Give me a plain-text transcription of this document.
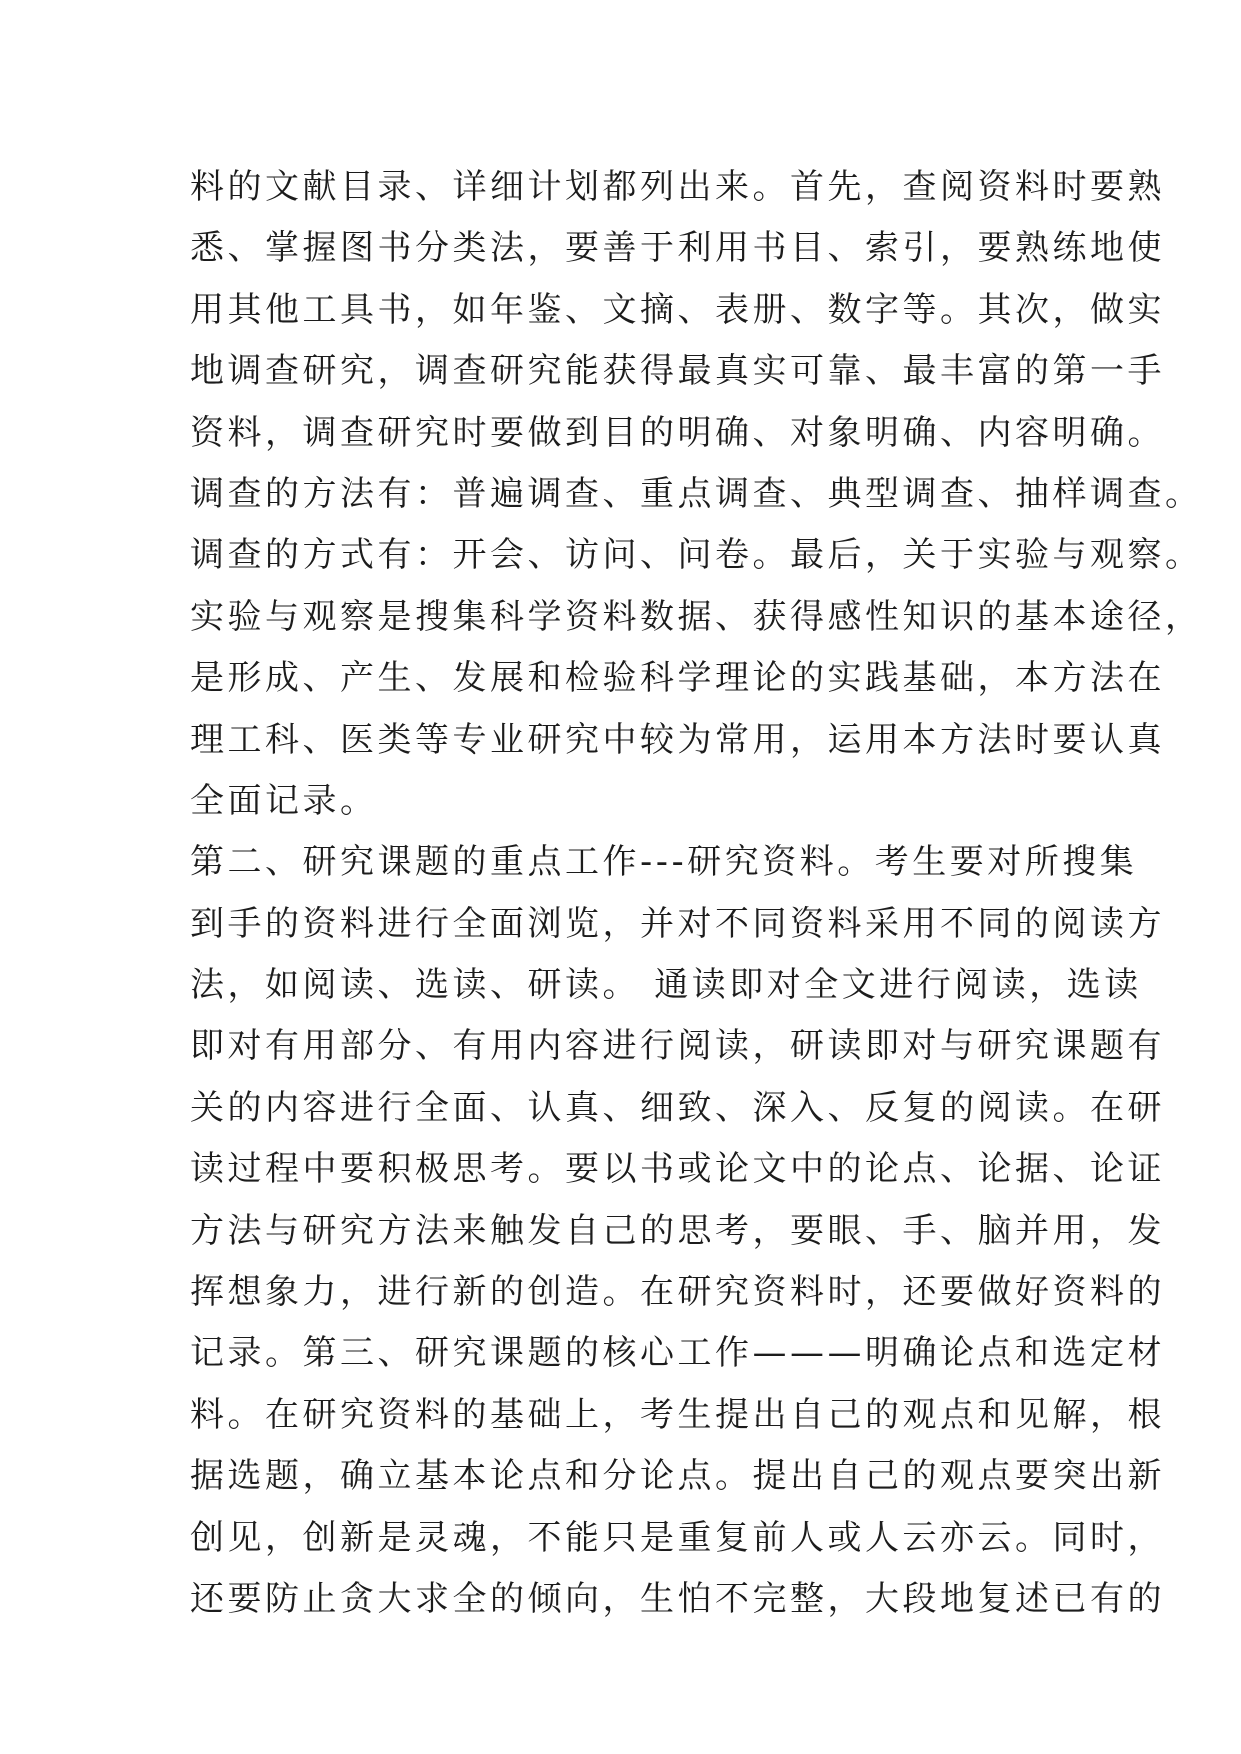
料的文献目录、详细计划都列出来。首先，查阅资料时要熟
悉、掌握图书分类法，要善于利用书目、索引，要熟练地使
用其他工具书，如年鉴、文摘、表册、数字等。其次，做实
地调查研究，调查研究能获得最真实可靠、最丰富的第一手
资料，调查研究时要做到目的明确、对象明确、内容明确。
调查的方法有：普遍调查、重点调查、典型调查、抽样调查。
调查的方式有：开会、访问、问卷。最后，关于实验与观察。
实验与观察是搜集科学资料数据、获得感性知识的基本途径，
是形成、产生、发展和检验科学理论的实践基础，本方法在
理工科、医类等专业研究中较为常用，运用本方法时要认真
全面记录。
第二、研究课题的重点工作---研究资料。考生要对所搜集
到手的资料进行全面浏览，并对不同资料采用不同的阅读方
法，如阅读、选读、研读。 通读即对全文进行阅读，选读
即对有用部分、有用内容进行阅读，研读即对与研究课题有
关的内容进行全面、认真、细致、深入、反复的阅读。在研
读过程中要积极思考。要以书或论文中的论点、论据、论证
方法与研究方法来触发自己的思考，要眼、手、脑并用，发
挥想象力，进行新的创造。在研究资料时，还要做好资料的
记录。第三、研究课题的核心工作———明确论点和选定材
料。在研究资料的基础上，考生提出自己的观点和见解，根
据选题，确立基本论点和分论点。提出自己的观点要突出新
创见，创新是灵魂，不能只是重复前人或人云亦云。同时，
还要防止贪大求全的倾向，生怕不完整，大段地复述已有的
